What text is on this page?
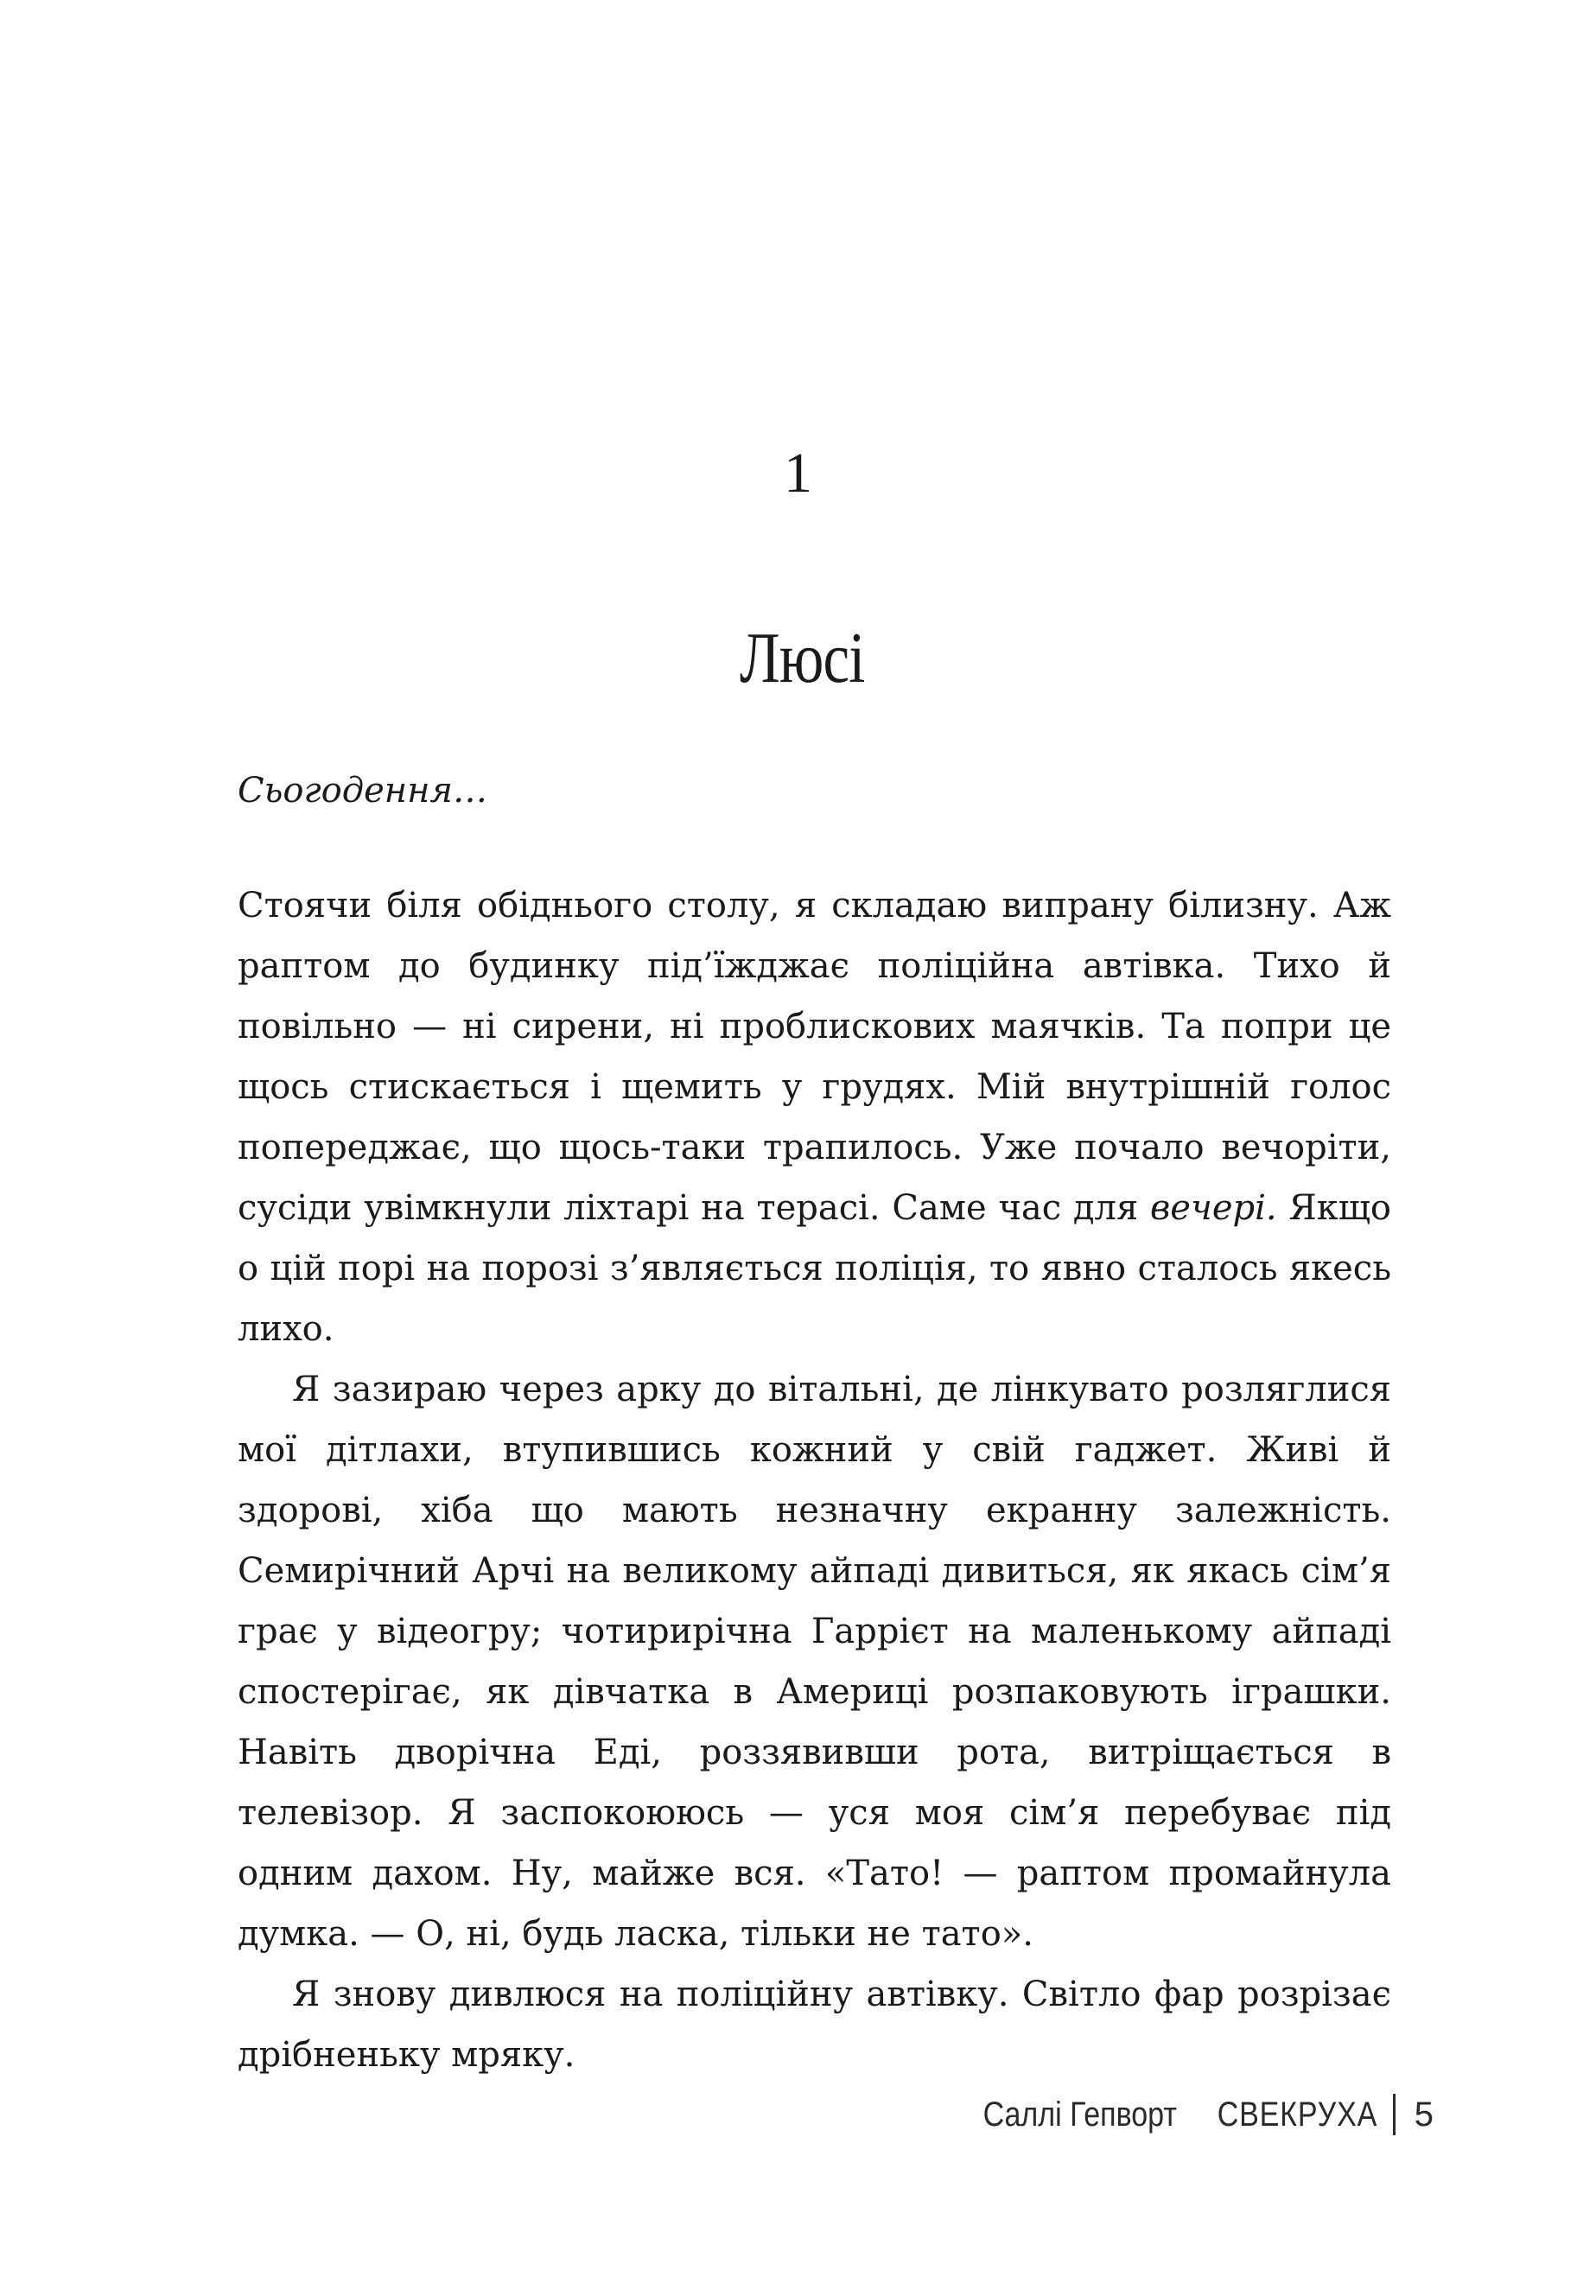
1
Люсі
Сьогодення…

Стоячи біля обіднього столу, я складаю випрану білизну. Аж раптом до будинку під’їжджає поліційна автівка. Тихо й повільно — ні сирени, ні проблискових маячків. Та попри це щось стискається і щемить у грудях. Мій внутрішній голос попереджає, що щось-таки трапилось. Уже почало вечоріти, сусіди увімкнули ліхтарі на терасі. Саме час для вечері. Якщо о цій порі на порозі з’являється поліція, то явно сталось якесь лихо.

Я зазираю через арку до вітальні, де лінкувато розляглися мої дітлахи, втупившись кожний у свій гаджет. Живі й здорові, хіба що мають незначну екранну залежність. Семирічний Арчі на великому айпаді дивиться, як якась сім’я грає у відеогру; чотирирічна Гаррієт на маленькому айпаді спостерігає, як дівчатка в Америці розпаковують іграшки. Навіть дворічна Еді, роззявивши рота, витріщається в телевізор. Я заспокоююсь — уся моя сім’я перебуває під одним дахом. Ну, майже вся. «Тато! — раптом промайнула думка. — О, ні, будь ласка, тільки не тато».

Я знову дивлюся на поліційну автівку. Світло фар розрізає дрібненьку мряку.

Саллі Гепворт СВЕКРУХА 5
